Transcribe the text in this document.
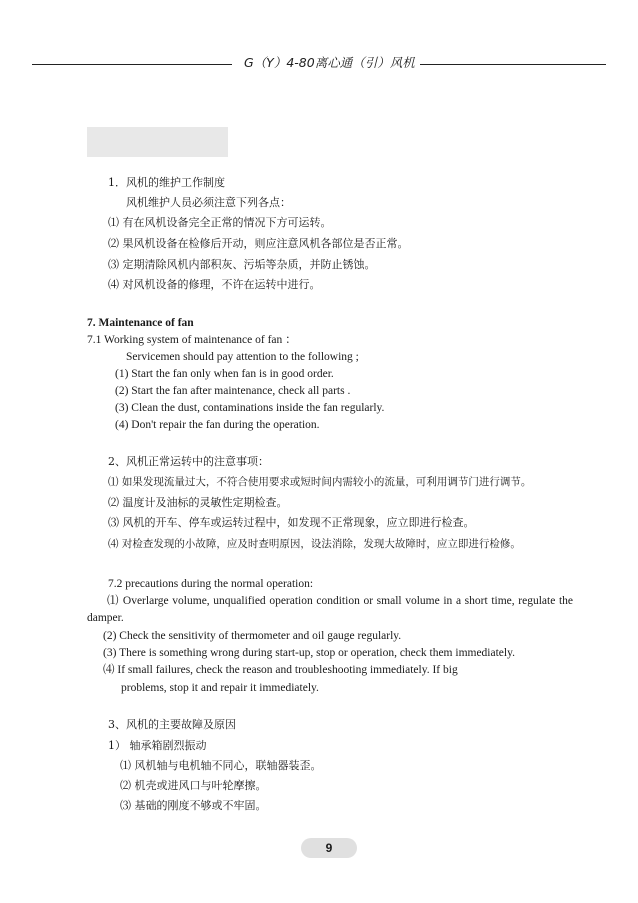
G（Y）4-80离心通（引）风机
1．风机的维护工作制度
风机维护人员必须注意下列各点：
⑴ 有在风机设备完全正常的情况下方可运转。
⑵ 果风机设备在检修后开动，则应注意风机各部位是否正常。
⑶ 定期清除风机内部积灰、污垢等杂质，并防止锈蚀。
⑷ 对风机设备的修理，不许在运转中进行。
7. Maintenance of fan
7.1 Working system of maintenance of fan ：
Servicemen should pay attention to the following ;
(1) Start the fan only when fan is in good order.
(2) Start the fan after maintenance, check all parts .
(3) Clean the dust, contaminations inside the fan regularly.
(4) Don't repair the fan during the operation.
2、风机正常运转中的注意事项：
⑴ 如果发现流量过大，不符合使用要求或短时间内需较小的流量，可利用调节门进行调节。
⑵ 温度计及油标的灵敏性定期检查。
⑶ 风机的开车、停车或运转过程中，如发现不正常现象，应立即进行检查。
⑷ 对检查发现的小故障，应及时查明原因，设法消除，发现大故障时，应立即进行检修。
7.2 precautions during the normal operation:
⑴ Overlarge volume, unqualified operation condition or small volume in a short time, regulate the damper.
(2) Check the sensitivity of thermometer and oil gauge regularly.
(3) There is something wrong during start-up, stop or operation, check them immediately.
⑷ If small failures, check the reason and troubleshooting immediately. If big
problems, stop it and repair it immediately.
3、风机的主要故障及原因
1） 轴承箱剧烈振动
⑴ 风机轴与电机轴不同心，联轴器装歪。
⑵ 机壳或进风口与叶轮摩擦。
⑶ 基础的刚度不够或不牢固。
9
